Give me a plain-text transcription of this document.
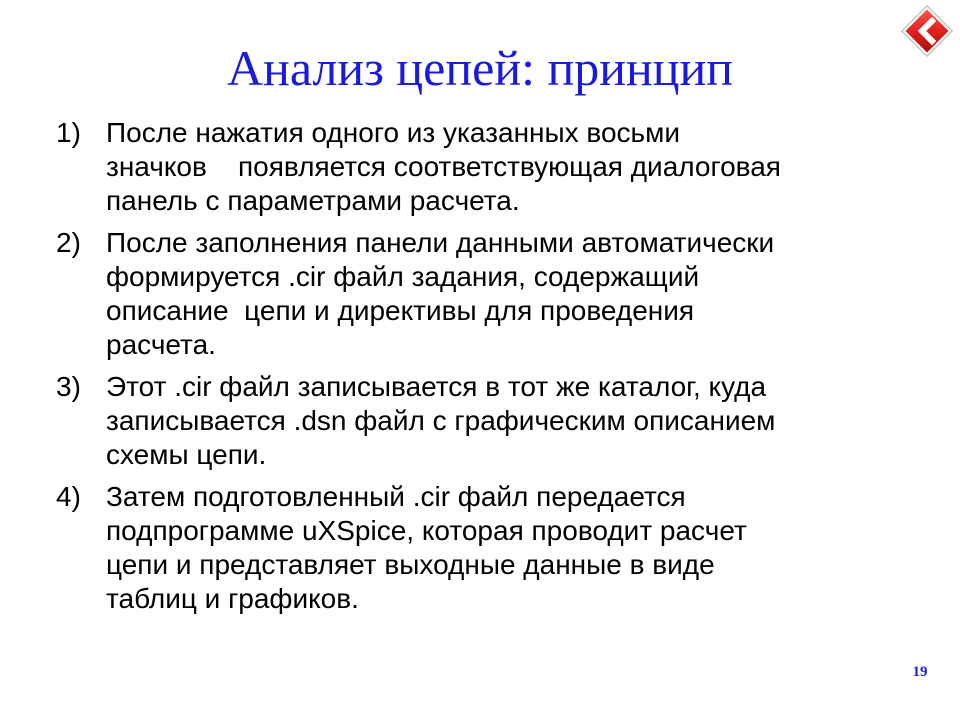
Анализ цепей: принцип
1) После нажатия одного из указанных восьми
значков    появляется соответствующая диалоговая
панель с параметрами расчета.
2) После заполнения панели данными автоматически
формируется .cir файл задания, содержащий
описание  цепи и директивы для проведения
расчета.
3) Этот .cir файл записывается в тот же каталог, куда
записывается .dsn файл с графическим описанием
схемы цепи.
4) Затем подготовленный .cir файл передается
подпрограмме uXSpice, которая проводит расчет
цепи и представляет выходные данные в виде
таблиц и графиков.
19
